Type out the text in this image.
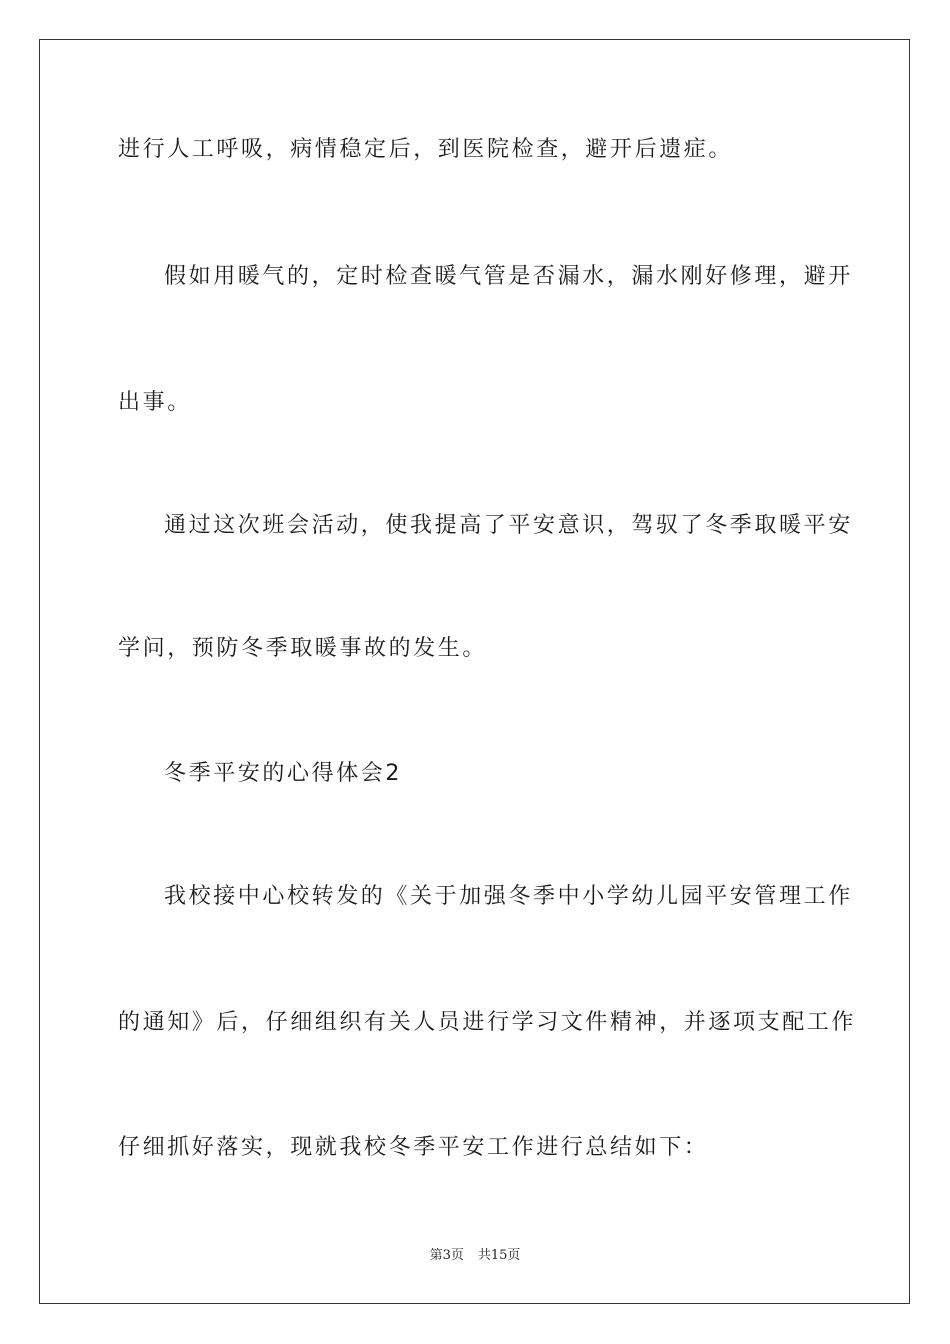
进行人工呼吸，病情稳定后，到医院检查，避开后遗症。
假如用暖气的，定时检查暖气管是否漏水，漏水刚好修理，避开
出事。
通过这次班会活动，使我提高了平安意识，驾驭了冬季取暖平安
学问，预防冬季取暖事故的发生。
冬季平安的心得体会2
我校接中心校转发的《关于加强冬季中小学幼儿园平安管理工作
的通知》后，仔细组织有关人员进行学习文件精神，并逐项支配工作
仔细抓好落实，现就我校冬季平安工作进行总结如下：
第3页 共15页
